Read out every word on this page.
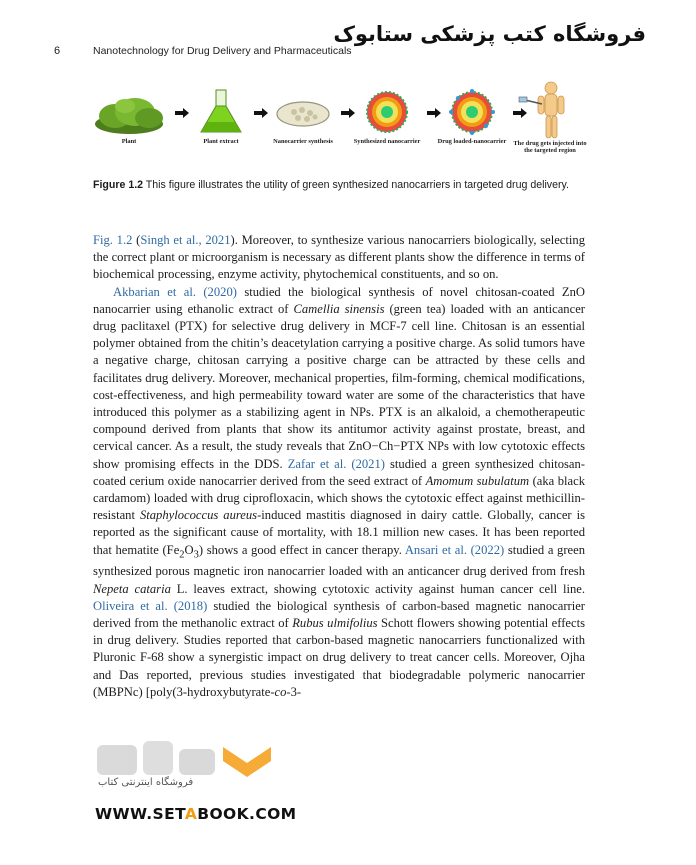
6	Nanotechnology for Drug Delivery and Pharmaceuticals
فروشگاه کتب پزشکی ستابوک
Plant	Plant extract	Nanocarrier synthesis	Synthesized nanocarrier	Drug loaded-nanocarrier	The drug gets injected into the targeted region
Figure 1.2 This figure illustrates the utility of green synthesized nanocarriers in targeted drug delivery.

Fig. 1.2 (Singh et al., 2021). Moreover, to synthesize various nanocarriers biologically, selecting the correct plant or microorganism is necessary as different plants show the difference in terms of biochemical processing, enzyme activity, phytochemical constituents, and so on.

Akbarian et al. (2020) studied the biological synthesis of novel chitosan-coated ZnO nanocarrier using ethanolic extract of Camellia sinensis (green tea) loaded with an anticancer drug paclitaxel (PTX) for selective drug delivery in MCF-7 cell line. Chitosan is an essential polymer obtained from the chitin’s deacetylation carrying a positive charge. As solid tumors have a negative charge, chitosan carrying a positive charge can be attracted by these cells and facilitates drug delivery. Moreover, mechanical properties, film-forming, chemical modifications, cost-effectiveness, and high permeability toward water are some of the characteristics that have introduced this polymer as a stabilizing agent in NPs. PTX is an alkaloid, a chemotherapeutic compound derived from plants that show its antitumor activity against prostate, breast, and cervical cancer. As a result, the study reveals that ZnO−Ch−PTX NPs with low cytotoxic effects show promising effects in the DDS. Zafar et al. (2021) studied a green synthesized chitosan-coated cerium oxide nanocarrier derived from the seed extract of Amomum subulatum (aka black cardamom) loaded with drug ciprofloxacin, which shows the cytotoxic effect against methicillin-resistant Staphylococcus aureus-induced mastitis diagnosed in dairy cattle. Globally, cancer is reported as the significant cause of mortality, with 18.1 million new cases. It has been reported that hematite $(Fe_2O_3)$ shows a good effect in cancer therapy. Ansari et al. (2022) studied a green synthesized porous magnetic iron nanocarrier loaded with an anticancer drug derived from fresh Nepeta cataria L. leaves extract, showing cytotoxic activity against human cancer cell line. Oliveira et al. (2018) studied the biological synthesis of carbon-based magnetic nanocarrier derived from the methanolic extract of Rubus ulmifolius Schott flowers showing potential effects in drug delivery. Studies reported that carbon-based magnetic nanocarriers functionalized with Pluronic F-68 show a synergistic impact on drug delivery to treat cancer cells. Moreover, Ojha and Das reported, previous studies investigated that biodegradable polymeric nanocarrier (MBPNc) [poly(3-hydroxybutyrate-co-3-

فروشگاه اینترنتی کتاب
WWW.SETABOOK.COM
